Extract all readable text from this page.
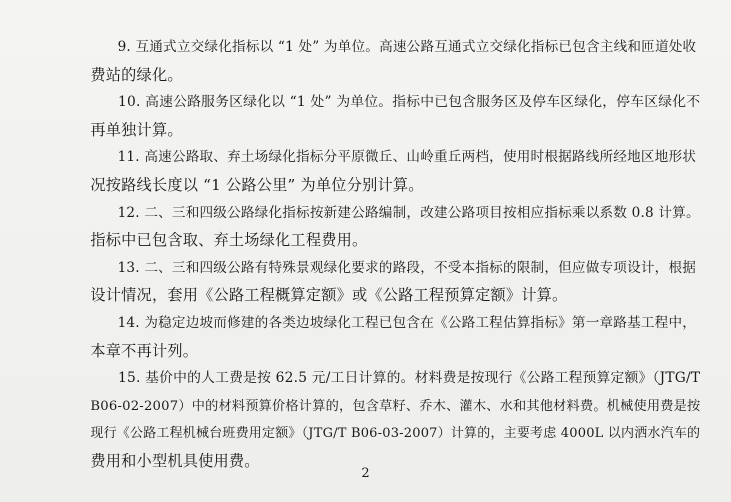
9. 互通式立交绿化指标以 “1 处” 为单位。高速公路互通式立交绿化指标已包含主线和匝道处收
费站的绿化。

10. 高速公路服务区绿化以 “1 处” 为单位。指标中已包含服务区及停车区绿化，停车区绿化不
再单独计算。

11. 高速公路取、弃土场绿化指标分平原微丘、山岭重丘两档，使用时根据路线所经地区地形状
况按路线长度以 “1 公路公里” 为单位分别计算。

12. 二、三和四级公路绿化指标按新建公路编制，改建公路项目按相应指标乘以系数 0.8 计算。
指标中已包含取、弃土场绿化工程费用。

13. 二、三和四级公路有特殊景观绿化要求的路段，不受本指标的限制，但应做专项设计，根据
设计情况，套用《公路工程概算定额》或《公路工程预算定额》计算。

14. 为稳定边坡而修建的各类边坡绿化工程已包含在《公路工程估算指标》第一章路基工程中，
本章不再计列。

15. 基价中的人工费是按 62.5 元/工日计算的。材料费是按现行《公路工程预算定额》（JTG/T
B06-02-2007）中的材料预算价格计算的，包含草籽、乔木、灌木、水和其他材料费。机械使用费是按
现行《公路工程机械台班费用定额》（JTG/T B06-03-2007）计算的，主要考虑 4000L 以内洒水汽车的
费用和小型机具使用费。

2
